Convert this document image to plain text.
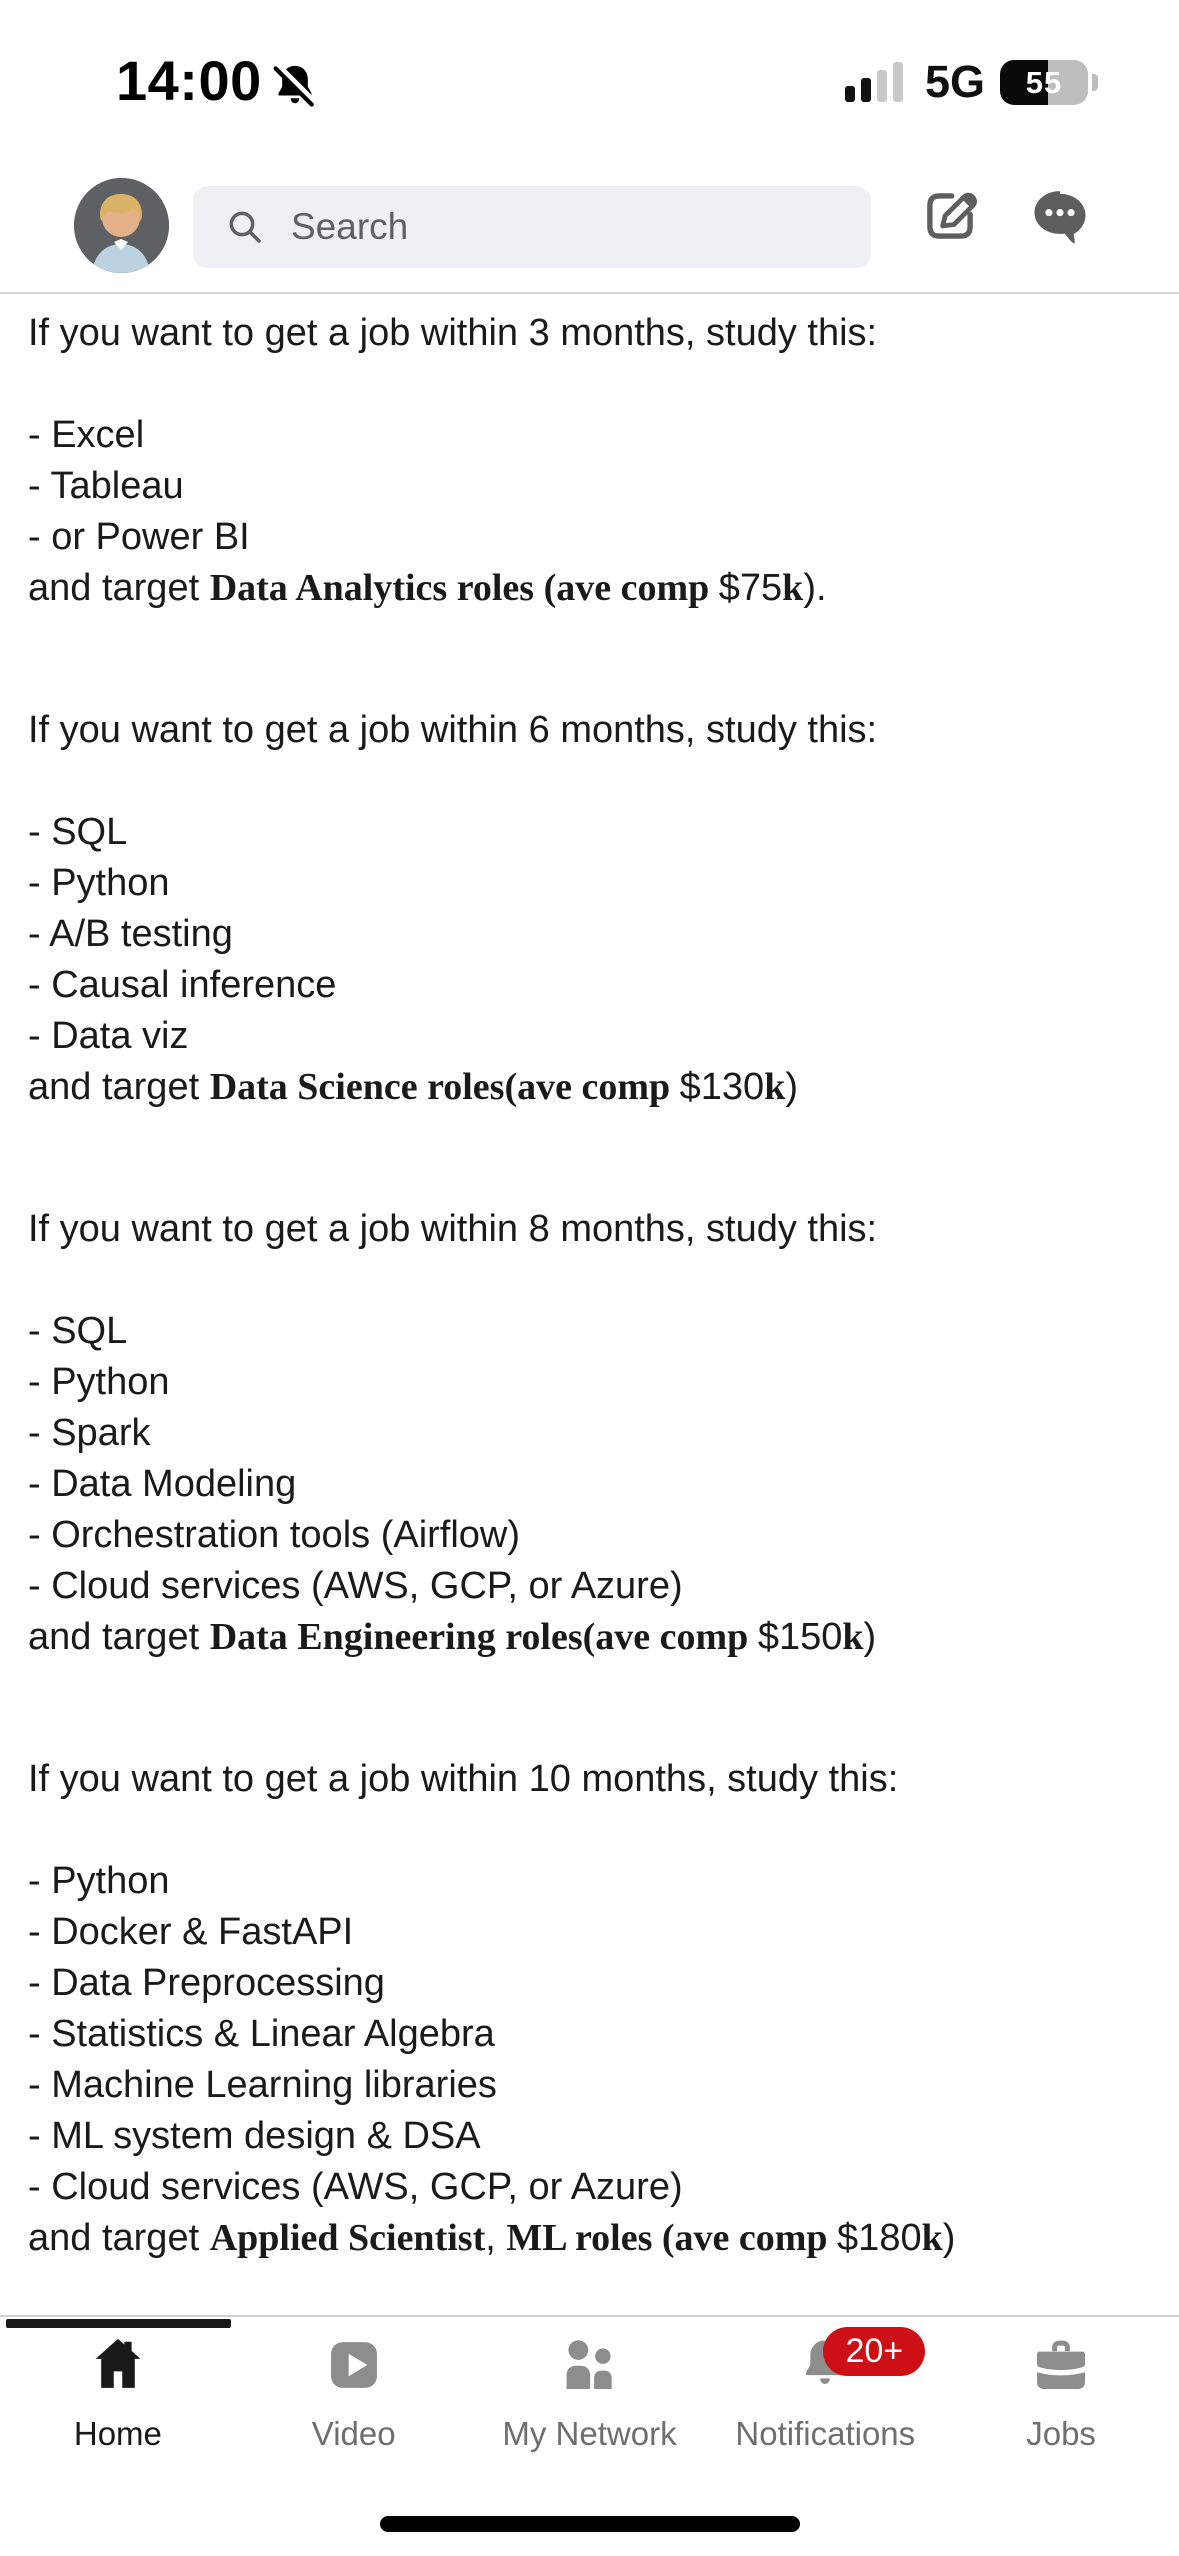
14:00	5G 55
Search
If you want to get a job within 3 months, study this:
- Excel
- Tableau
- or Power BI
and target Data Analytics roles (ave comp $75k).
If you want to get a job within 6 months, study this:
- SQL
- Python
- A/B testing
- Causal inference
- Data viz
and target Data Science roles(ave comp $130k)
If you want to get a job within 8 months, study this:
- SQL
- Python
- Spark
- Data Modeling
- Orchestration tools (Airflow)
- Cloud services (AWS, GCP, or Azure)
and target Data Engineering roles(ave comp $150k)
If you want to get a job within 10 months, study this:
- Python
- Docker & FastAPI
- Data Preprocessing
- Statistics & Linear Algebra
- Machine Learning libraries
- ML system design & DSA
- Cloud services (AWS, GCP, or Azure)
and target Applied Scientist, ML roles (ave comp $180k)
Home	Video	My Network
20+
Notifications	Jobs
